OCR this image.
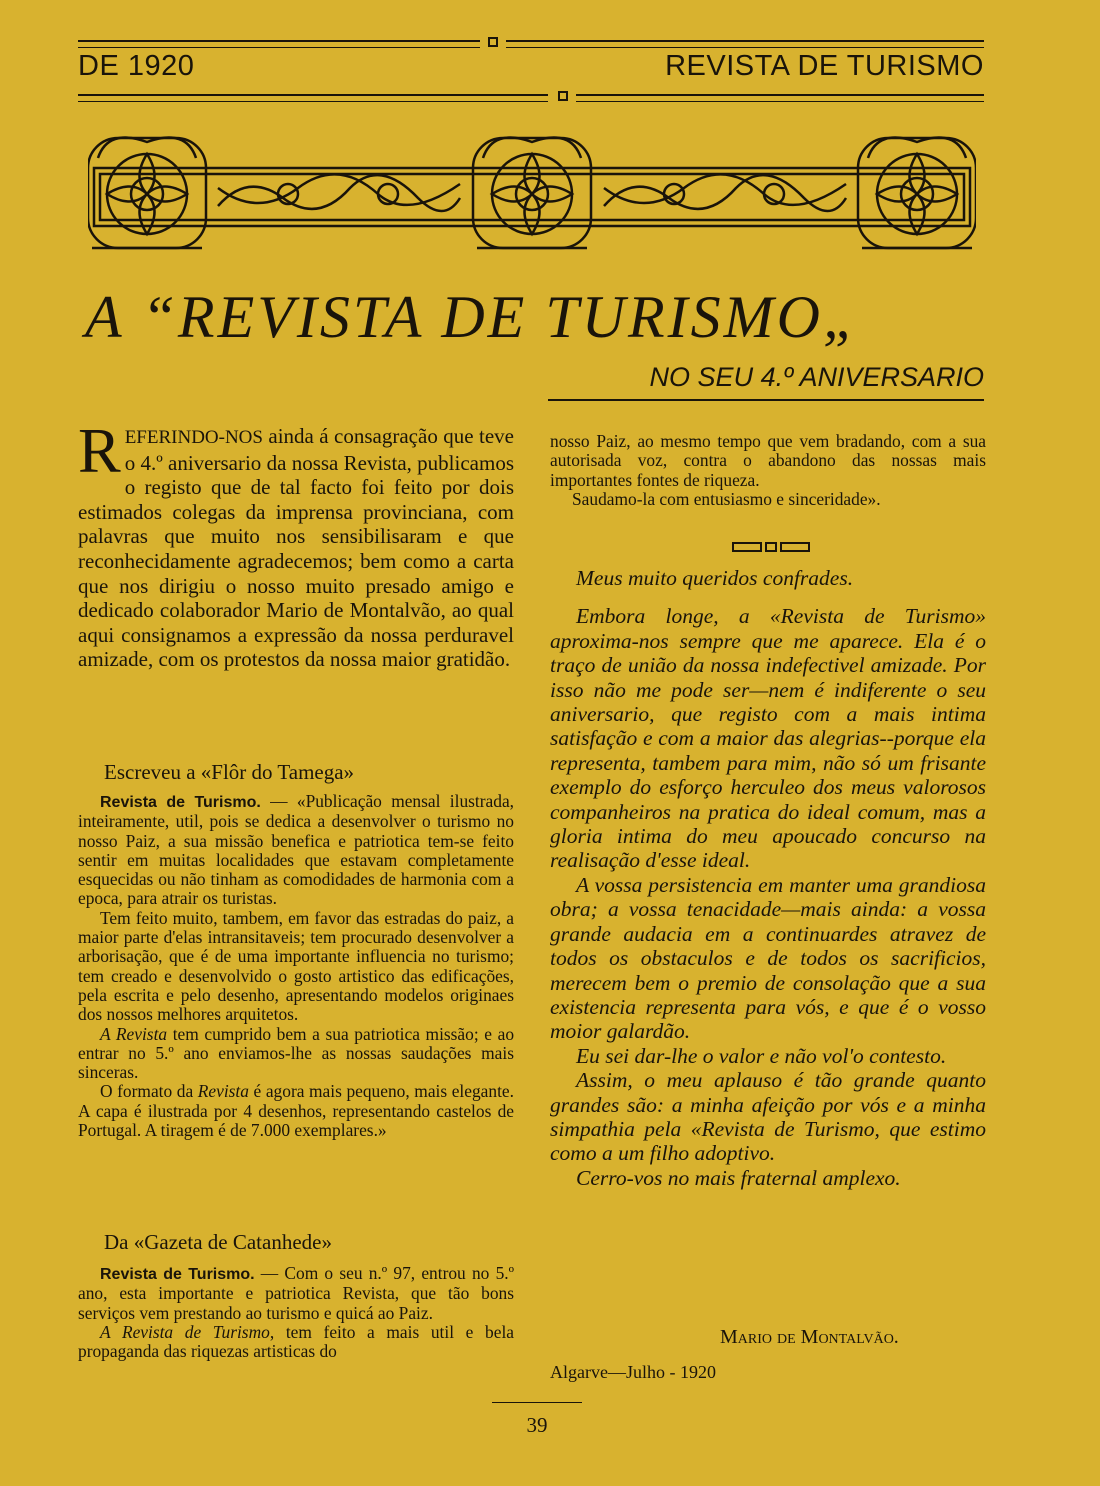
DE 1920	REVISTA DE TURISMO
A “REVISTA DE TURISMO„
NO SEU 4.º ANIVERSARIO
REFERINDO-NOS ainda á consagração que teve o 4.º aniversario da nossa Revista, publicamos o registo que de tal facto foi feito por dois estimados colegas da imprensa provinciana, com palavras que muito nos sensibilisaram e que reconhecidamente agradecemos; bem como a carta que nos dirigiu o nosso muito presado amigo e dedicado colaborador Mario de Montalvão, ao qual aqui consignamos a expressão da nossa perduravel amizade, com os protestos da nossa maior gratidão.
Escreveu a «Flôr do Tamega»

Revista de Turismo. — «Publicação mensal ilustrada, inteiramente, util, pois se dedica a desenvolver o turismo no nosso Paiz, a sua missão benefica e patriotica tem-se feito sentir em muitas localidades que estavam completamente esquecidas ou não tinham as comodidades de harmonia com a epoca, para atrair os turistas.

Tem feito muito, tambem, em favor das estradas do paiz, a maior parte d'elas intransitaveis; tem procurado desenvolver a arborisação, que é de uma importante influencia no turismo; tem creado e desenvolvido o gosto artistico das edificações, pela escrita e pelo desenho, apresentando modelos originaes dos nossos melhores arquitetos.

A Revista tem cumprido bem a sua patriotica missão; e ao entrar no 5.º ano enviamos-lhe as nossas saudações mais sinceras.

O formato da Revista é agora mais pequeno, mais elegante. A capa é ilustrada por 4 desenhos, representando castelos de Portugal. A tiragem é de 7.000 exemplares.»

Da «Gazeta de Catanhede»

Revista de Turismo. — Com o seu n.º 97, entrou no 5.º ano, esta importante e patriotica Revista, que tão bons serviços vem prestando ao turismo e quicá ao Paiz.

A Revista de Turismo, tem feito a mais util e bela propaganda das riquezas artisticas do

nosso Paiz, ao mesmo tempo que vem bradando, com a sua autorisada voz, contra o abandono das nossas mais importantes fontes de riqueza.

Saudamo-la com entusiasmo e sinceridade».

Meus muito queridos confrades.

Embora longe, a «Revista de Turismo» aproxima-nos sempre que me aparece. Ela é o traço de união da nossa indefectivel amizade. Por isso não me pode ser—nem é indiferente o seu aniversario, que registo com a mais intima satisfação e com a maior das alegrias--porque ela representa, tambem para mim, não só um frisante exemplo do esforço herculeo dos meus valorosos companheiros na pratica do ideal comum, mas a gloria intima do meu apoucado concurso na realisação d'esse ideal.

A vossa persistencia em manter uma grandiosa obra; a vossa tenacidade—mais ainda: a vossa grande audacia em a continuardes atravez de todos os obstaculos e de todos os sacrificios, merecem bem o premio de consolação que a sua existencia representa para vós, e que é o vosso moior galardão.

Eu sei dar-lhe o valor e não vol'o contesto.

Assim, o meu aplauso é tão grande quanto grandes são: a minha afeição por vós e a minha simpathia pela «Revista de Turismo, que estimo como a um filho adoptivo.

Cerro-vos no mais fraternal amplexo.

Mario de Montalvão.
Algarve—Julho - 1920
39
